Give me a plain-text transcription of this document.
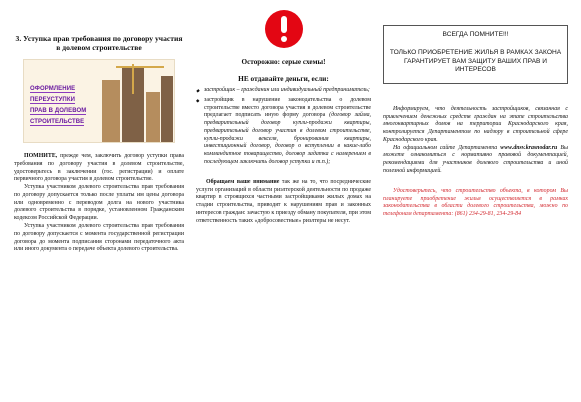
3. Уступка прав требования по договору участия в долевом строительстве
ОФОРМЛЕНИЕ
ПЕРЕУСТУПКИ
ПРАВ В ДОЛЕВОМ
СТРОИТЕЛЬСТВЕ

ПОМНИТЕ, прежде чем, заключить договор уступки права требования по договору участия в долевом строительстве, удостоверьтесь в заключении (гос. регистрации) и оплате первичного договора участия в долевом строительстве.

Уступка участником долевого строительства прав требования по договору допускается только после уплаты им цены договора или одновременно с переводом долга на нового участника долевого строительства в порядке, установленном Гражданским кодексом Российской Федерации.

Уступка участником долевого строительства прав требования по договору допускается с момента государственной регистрации договора до момента подписания сторонами передаточного акта или иного документа о передаче объекта долевого строительства.

Осторожно: серые схемы!
НЕ отдавайте деньги, если:

◆ застройщик – гражданин или индивидуальный предприниматель;

◆ застройщик в нарушение законодательства о долевом строительстве вместо договора участия в долевом строительстве предлагает подписать иную форму договора (договор займа, предварительный договор купли-продажи квартиры, предварительный договор участия в долевом строительстве, купли-продажи векселя, бронирования квартиры, инвестиционный договор, договор о вступлении в какие-либо коммандитное товарищество, договор задатка с намерением в последующем заключить договор уступки и т.п.);

Обращаем ваше внимание так же на то, что посреднические услуги организаций в области риэлтерской деятельности по продаже квартир в строящихся частными застройщиками жилых домах на стадии строительства, приводят к нарушениям прав и законных интересов граждан: зачастую к приезду обману покупателя, при этом ответственность таких «добросовестные» риэлтеры не несут.

ВСЕГДА ПОМНИТЕ!!!
ТОЛЬКО ПРИОБРЕТЕНИЕ ЖИЛЬЯ В РАМКАХ ЗАКОНА ГАРАНТИРУЕТ ВАМ ЗАЩИТУ ВАШИХ ПРАВ И ИНТЕРЕСОВ

Информируем, что деятельность застройщиков, связанная с привлечением денежных средств граждан на этапе строительства многоквартирных домов на территории Краснодарского края, контролируется Департаментом по надзору в строительной сфере Краснодарского края.

На официальном сайте Департамента www.dnsv.krasnodar.ru Вы можете ознакомиться с нормативно правовой документацией, рекомендациями для участников долевого строительства и иной полезной информацией.

Удостоверьтесь, что строительство объекта, в котором Вы планируете приобретение жилья осуществляется в рамках законодательства в области долевого строительства, можно по телефонам департамента: (861) 234-29-81, 234-29-84
